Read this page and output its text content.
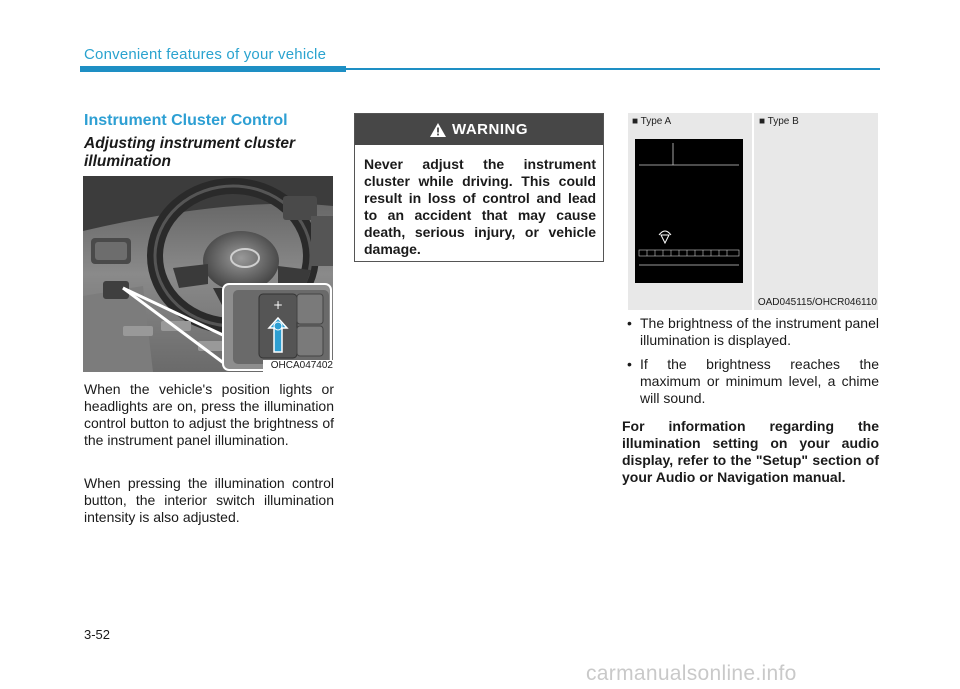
Convenient features of your vehicle
Instrument Cluster Control
Adjusting instrument cluster illumination
+
OHCA047402
When the vehicle's position lights or headlights are on, press the illumination control button to adjust the brightness of the instrument panel illumination.
When pressing the illumination control button, the interior switch illumination intensity is also adjusted.
WARNING
Never adjust the instrument cluster while driving. This could result in loss of control and lead to an accident that may cause death, serious injury, or vehicle damage.
■ Type A	■ Type B
OAD045115/OHCR046110
• The brightness of the instrument panel illumination is displayed.
• If the brightness reaches the maximum or minimum level, a chime will sound.
For information regarding the illumination setting on your audio display, refer to the "Setup" section of your Audio or Navigation manual.
3-52
carmanualsonline.info
